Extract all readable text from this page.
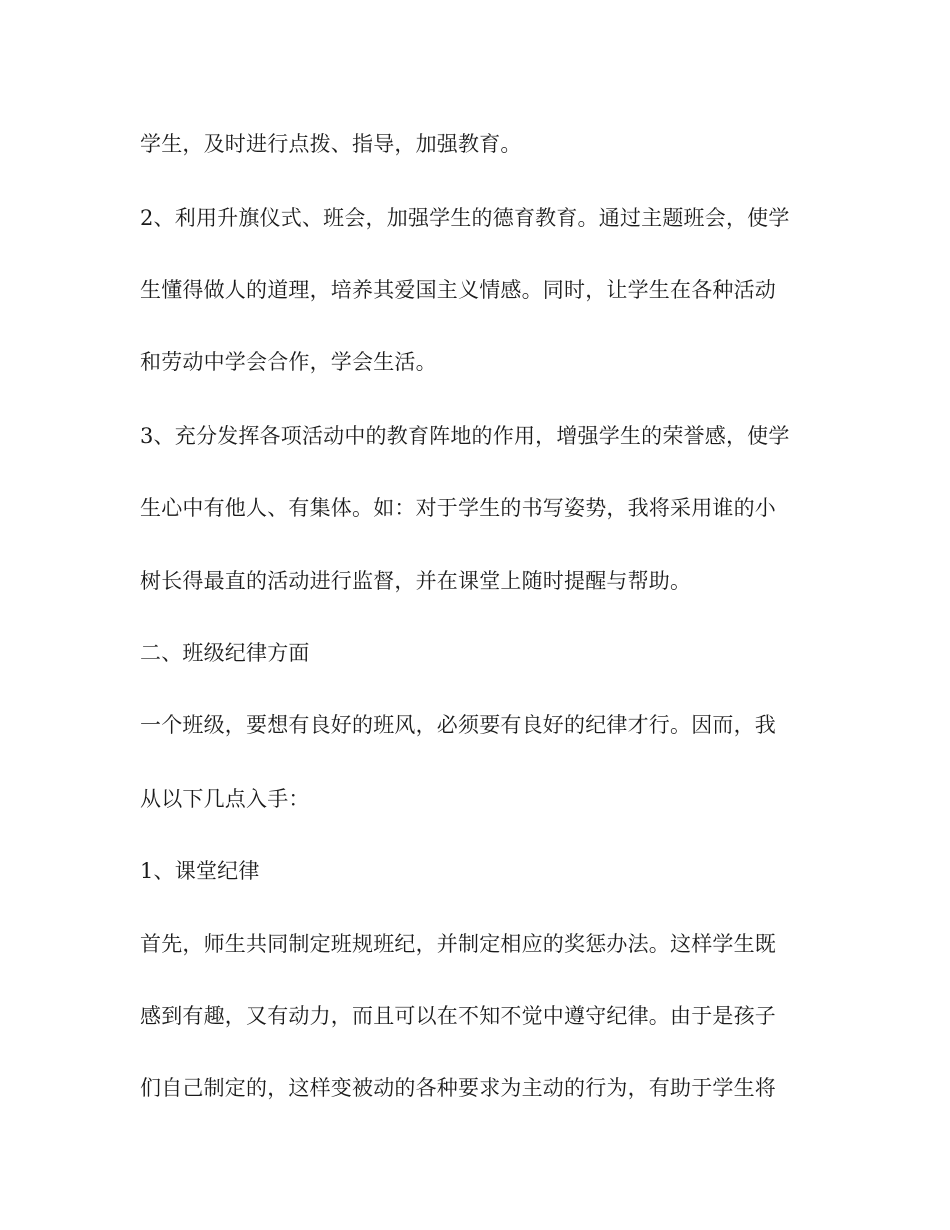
学生，及时进行点拨、指导，加强教育。
2、利用升旗仪式、班会，加强学生的德育教育。通过主题班会，使学
生懂得做人的道理，培养其爱国主义情感。同时，让学生在各种活动
和劳动中学会合作，学会生活。
3、充分发挥各项活动中的教育阵地的作用，增强学生的荣誉感，使学
生心中有他人、有集体。如：对于学生的书写姿势，我将采用谁的小
树长得最直的活动进行监督，并在课堂上随时提醒与帮助。
二、班级纪律方面
一个班级，要想有良好的班风，必须要有良好的纪律才行。因而，我
从以下几点入手：
1、课堂纪律
首先，师生共同制定班规班纪，并制定相应的奖惩办法。这样学生既
感到有趣，又有动力，而且可以在不知不觉中遵守纪律。由于是孩子
们自己制定的，这样变被动的各种要求为主动的行为，有助于学生将
